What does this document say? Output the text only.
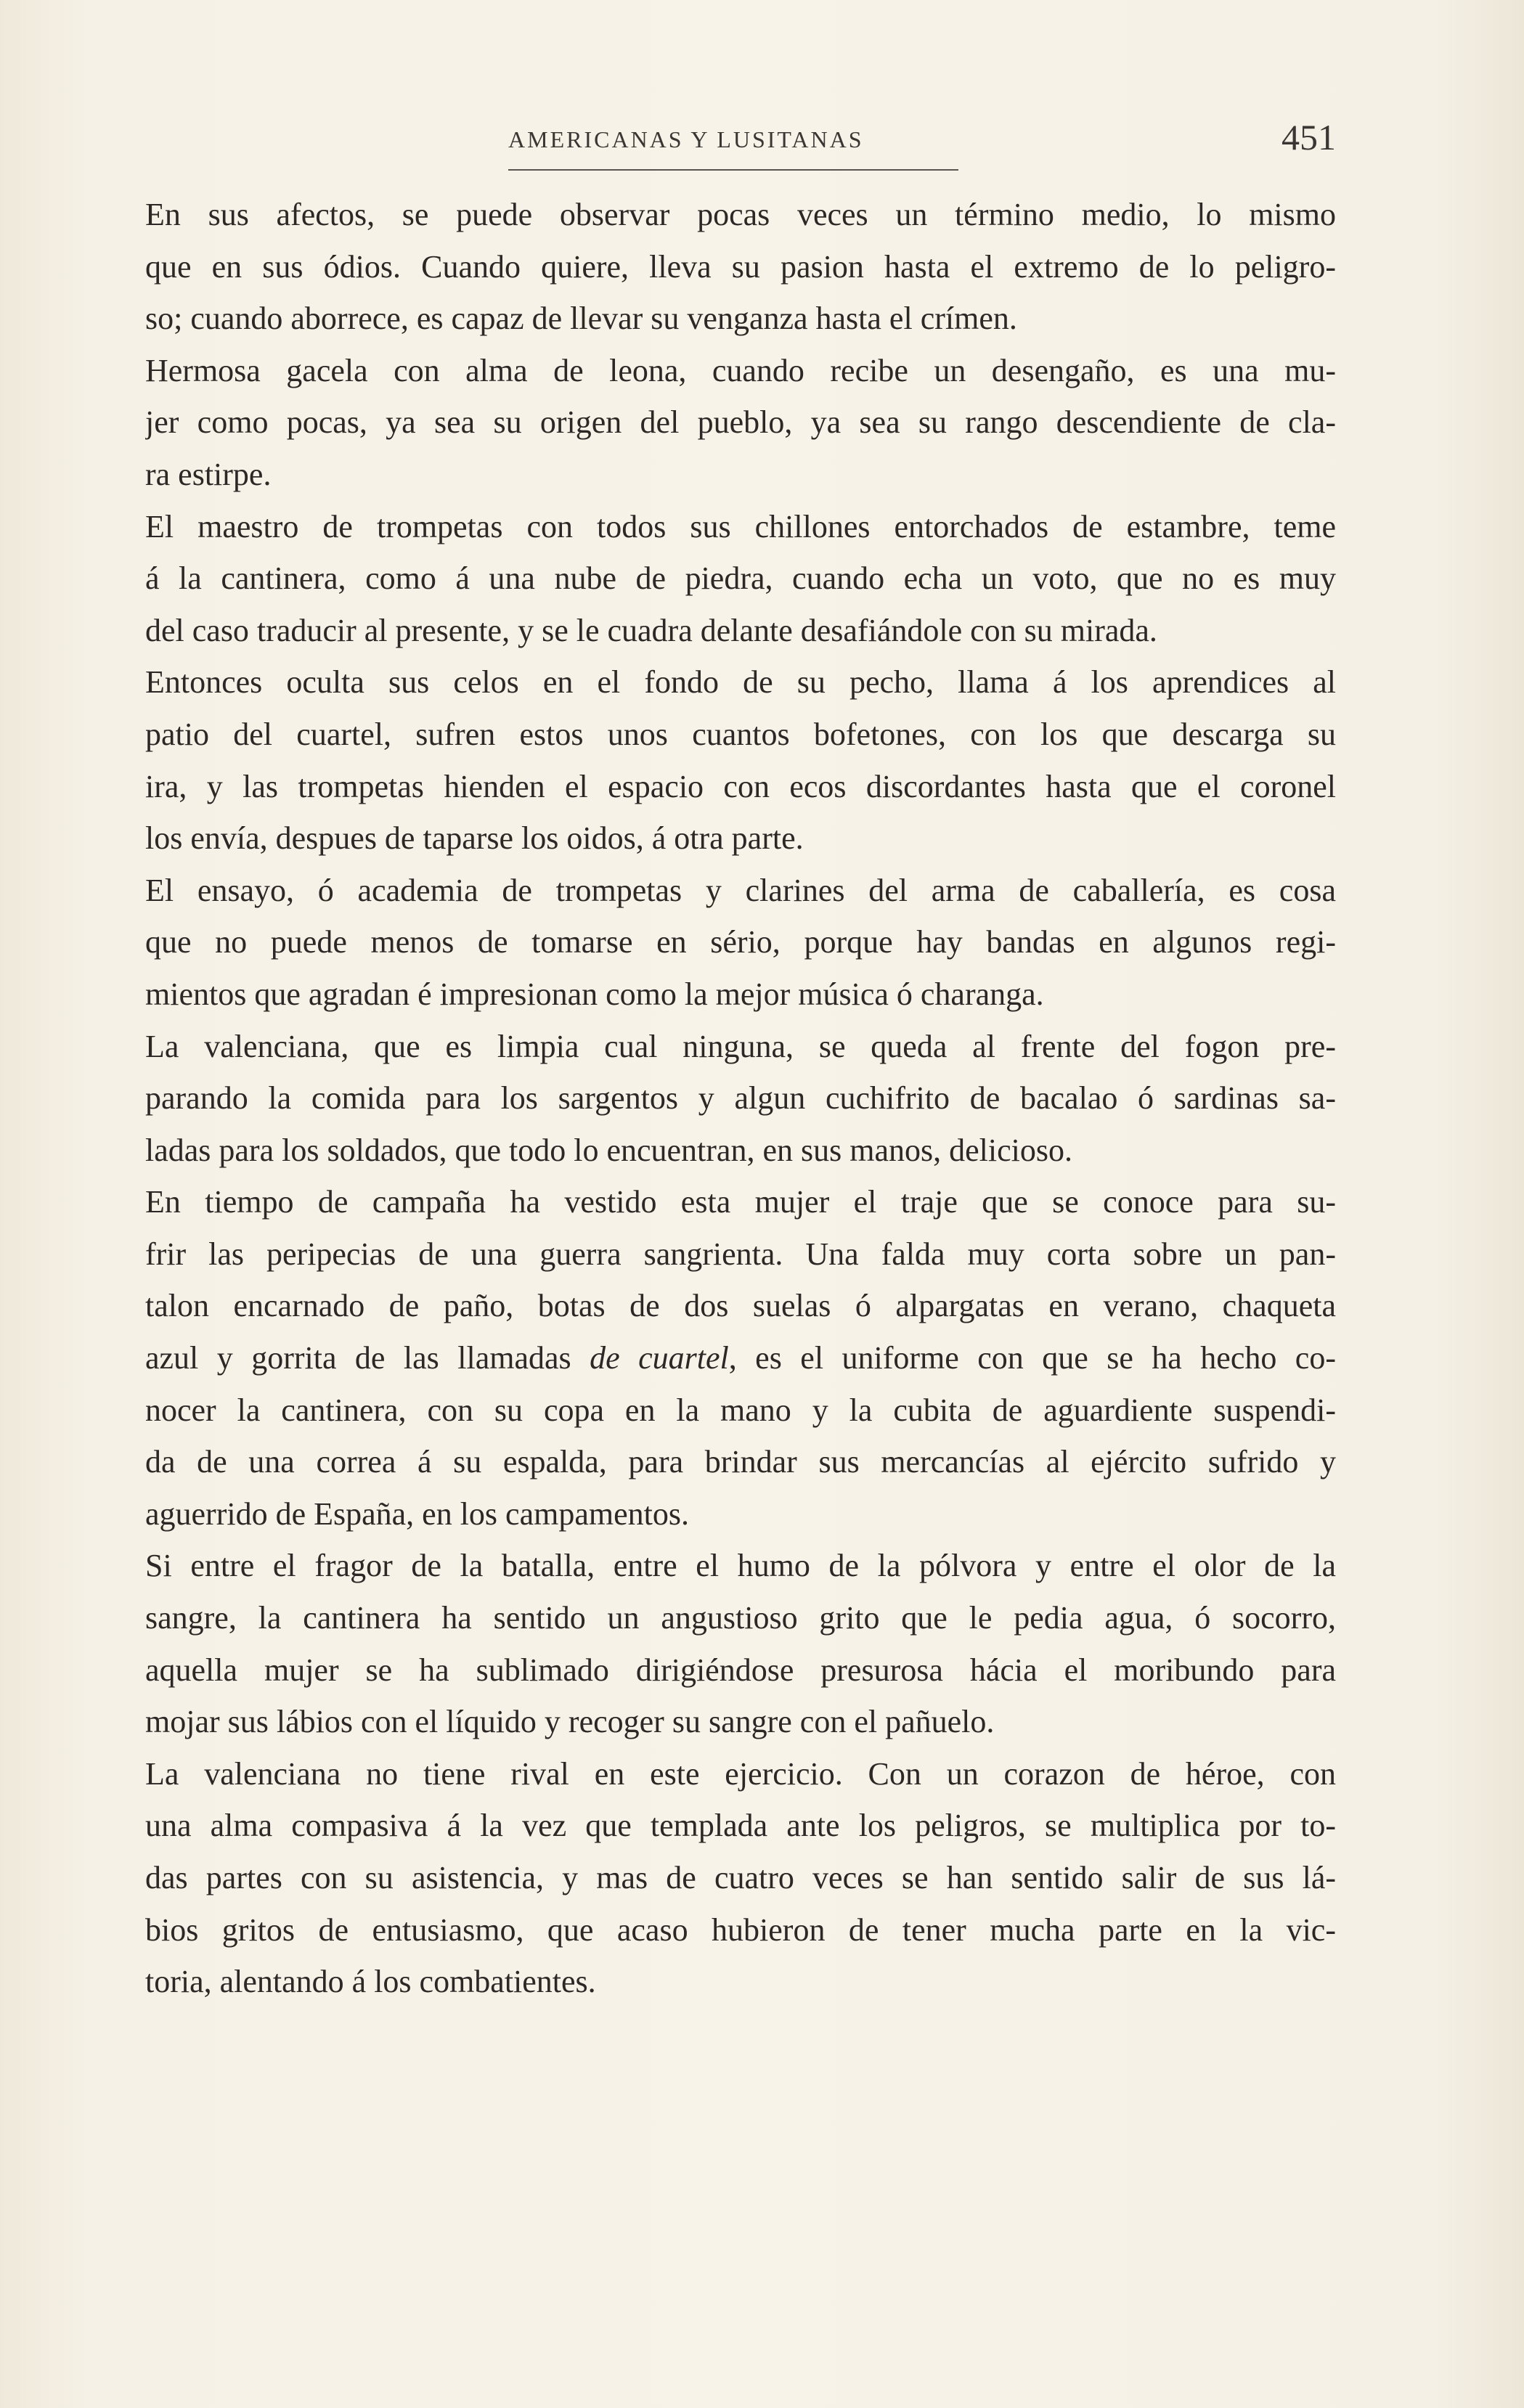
AMERICANAS Y LUSITANAS	451

En sus afectos, se puede observar pocas veces un término medio, lo mismo
que en sus ódios. Cuando quiere, lleva su pasion hasta el extremo de lo peligro-
so; cuando aborrece, es capaz de llevar su venganza hasta el crímen.

Hermosa gacela con alma de leona, cuando recibe un desengaño, es una mu-
jer como pocas, ya sea su origen del pueblo, ya sea su rango descendiente de cla-
ra estirpe.

El maestro de trompetas con todos sus chillones entorchados de estambre, teme
á la cantinera, como á una nube de piedra, cuando echa un voto, que no es muy
del caso traducir al presente, y se le cuadra delante desafiándole con su mirada.

Entonces oculta sus celos en el fondo de su pecho, llama á los aprendices al
patio del cuartel, sufren estos unos cuantos bofetones, con los que descarga su
ira, y las trompetas hienden el espacio con ecos discordantes hasta que el coronel
los envía, despues de taparse los oidos, á otra parte.

El ensayo, ó academia de trompetas y clarines del arma de caballería, es cosa
que no puede menos de tomarse en sério, porque hay bandas en algunos regi-
mientos que agradan é impresionan como la mejor música ó charanga.

La valenciana, que es limpia cual ninguna, se queda al frente del fogon pre-
parando la comida para los sargentos y algun cuchifrito de bacalao ó sardinas sa-
ladas para los soldados, que todo lo encuentran, en sus manos, delicioso.

En tiempo de campaña ha vestido esta mujer el traje que se conoce para su-
frir las peripecias de una guerra sangrienta. Una falda muy corta sobre un pan-
talon encarnado de paño, botas de dos suelas ó alpargatas en verano, chaqueta
azul y gorrita de las llamadas de cuartel, es el uniforme con que se ha hecho co-
nocer la cantinera, con su copa en la mano y la cubita de aguardiente suspendi-
da de una correa á su espalda, para brindar sus mercancías al ejército sufrido y
aguerrido de España, en los campamentos.

Si entre el fragor de la batalla, entre el humo de la pólvora y entre el olor de la
sangre, la cantinera ha sentido un angustioso grito que le pedia agua, ó socorro,
aquella mujer se ha sublimado dirigiéndose presurosa hácia el moribundo para
mojar sus lábios con el líquido y recoger su sangre con el pañuelo.

La valenciana no tiene rival en este ejercicio. Con un corazon de héroe, con
una alma compasiva á la vez que templada ante los peligros, se multiplica por to-
das partes con su asistencia, y mas de cuatro veces se han sentido salir de sus lá-
bios gritos de entusiasmo, que acaso hubieron de tener mucha parte en la vic-
toria, alentando á los combatientes.
